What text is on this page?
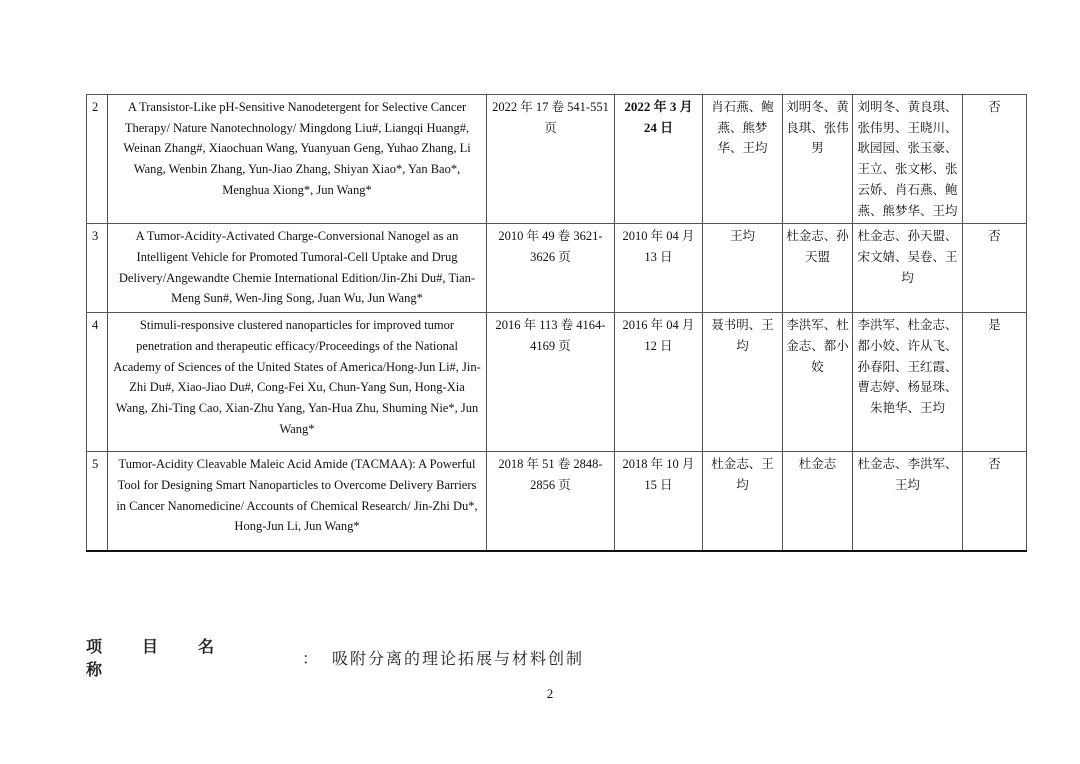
2	A Transistor-Like pH-Sensitive Nanodetergent for Selective Cancer Therapy/ Nature Nanotechnology/ Mingdong Liu#, Liangqi Huang#, Weinan Zhang#, Xiaochuan Wang, Yuanyuan Geng, Yuhao Zhang, Li Wang, Wenbin Zhang, Yun-Jiao Zhang, Shiyan Xiao*, Yan Bao*, Menghua Xiong*, Jun Wang*	2022 年 17 卷 541-551 页	2022 年 3 月 24 日	肖石燕、鲍燕、熊梦华、王均	刘明冬、黄良琪、张伟男	刘明冬、黄良琪、张伟男、王晓川、耿园园、张玉豪、王立、张文彬、张云娇、肖石燕、鲍燕、熊梦华、王均	否
3	A Tumor-Acidity-Activated Charge-Conversional Nanogel as an Intelligent Vehicle for Promoted Tumoral-Cell Uptake and Drug Delivery/Angewandte Chemie International Edition/Jin-Zhi Du#, Tian-Meng Sun#, Wen-Jing Song, Juan Wu, Jun Wang*	2010 年 49 卷 3621-3626 页	2010 年 04 月 13 日	王均	杜金志、孙天盟	杜金志、孙天盟、宋文婧、吴卷、王均	否
4	Stimuli-responsive clustered nanoparticles for improved tumor penetration and therapeutic efficacy/Proceedings of the National Academy of Sciences of the United States of America/Hong-Jun Li#, Jin-Zhi Du#, Xiao-Jiao Du#, Cong-Fei Xu, Chun-Yang Sun, Hong-Xia Wang, Zhi-Ting Cao, Xian-Zhu Yang, Yan-Hua Zhu, Shuming Nie*, Jun Wang*	2016 年 113 卷 4164-4169 页	2016 年 04 月 12 日	聂书明、王均	李洪军、杜金志、都小姣	李洪军、杜金志、都小姣、许从飞、孙春阳、王红霞、曹志婷、杨显珠、朱艳华、王均	是
5	Tumor-Acidity Cleavable Maleic Acid Amide (TACMAA): A Powerful Tool for Designing Smart Nanoparticles to Overcome Delivery Barriers in Cancer Nanomedicine/ Accounts of Chemical Research/ Jin-Zhi Du*, Hong-Jun Li, Jun Wang*	2018 年 51 卷 2848-2856 页	2018 年 10 月 15 日	杜金志、王均	杜金志	杜金志、李洪军、王均	否
项目名称
： 吸附分离的理论拓展与材料创制
2
